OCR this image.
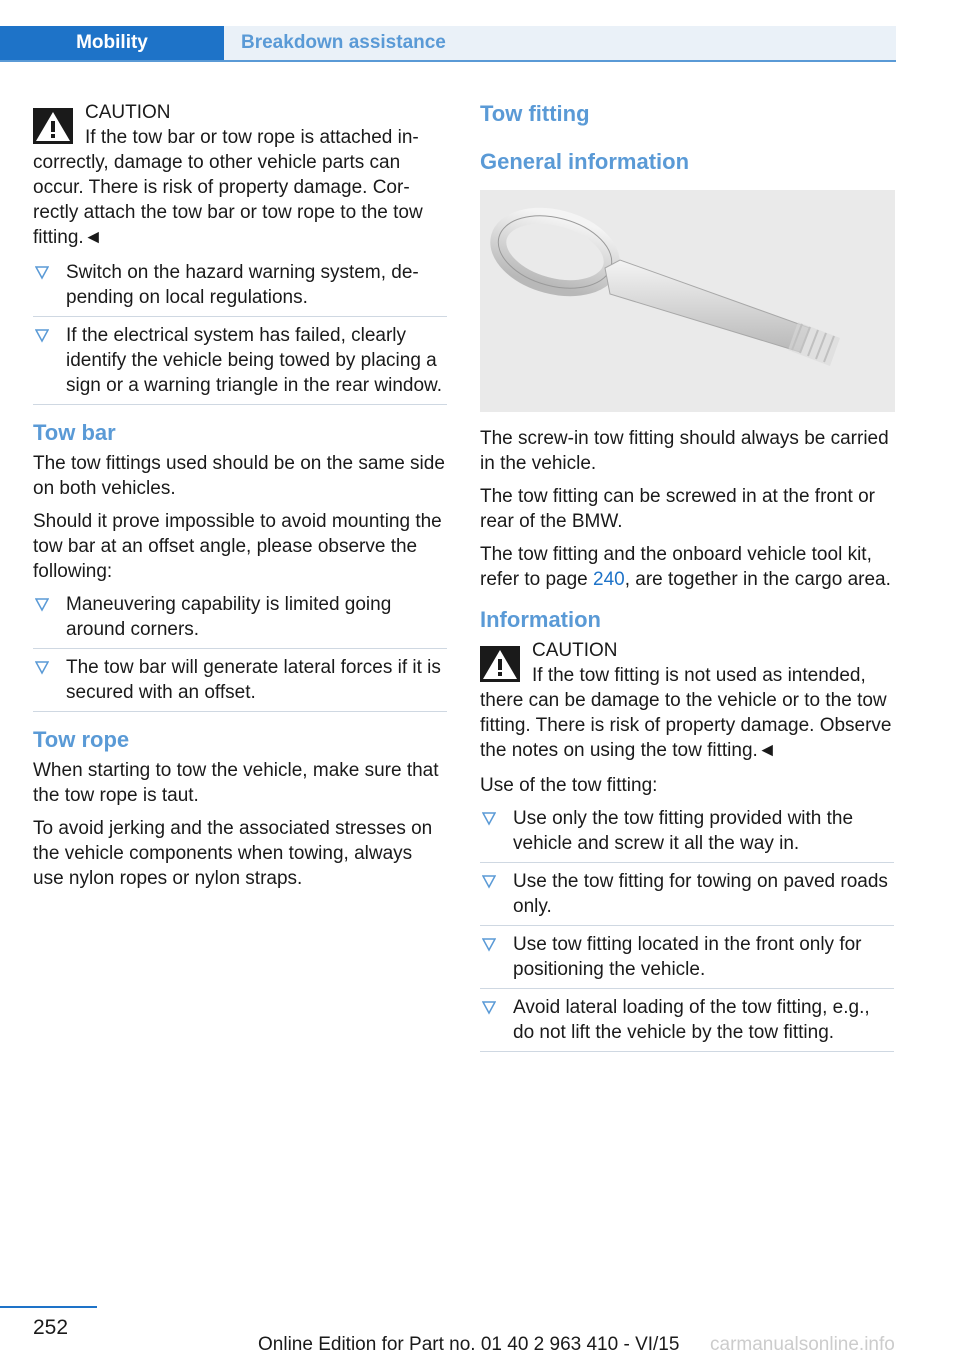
Mobility	Breakdown assistance
CAUTION
If the tow bar or tow rope is attached incorrectly, damage to other vehicle parts can occur. There is risk of property damage. Correctly attach the tow bar or tow rope to the tow fitting.◄
Switch on the hazard warning system, depending on local regulations.
If the electrical system has failed, clearly identify the vehicle being towed by placing a sign or a warning triangle in the rear window.
Tow bar

The tow fittings used should be on the same side on both vehicles.

Should it prove impossible to avoid mounting the tow bar at an offset angle, please observe the following:

Maneuvering capability is limited going around corners.
The tow bar will generate lateral forces if it is secured with an offset.
Tow rope

When starting to tow the vehicle, make sure that the tow rope is taut.

To avoid jerking and the associated stresses on the vehicle components when towing, always use nylon ropes or nylon straps.

Tow fitting
General information

The screw-in tow fitting should always be carried in the vehicle.

The tow fitting can be screwed in at the front or rear of the BMW.

The tow fitting and the onboard vehicle tool kit, refer to page 240, are together in the cargo area.

Information
CAUTION
If the tow fitting is not used as intended, there can be damage to the vehicle or to the tow fitting. There is risk of property damage. Observe the notes on using the tow fitting.◄

Use of the tow fitting:

Use only the tow fitting provided with the vehicle and screw it all the way in.
Use the tow fitting for towing on paved roads only.
Use tow fitting located in the front only for positioning the vehicle.
Avoid lateral loading of the tow fitting, e.g., do not lift the vehicle by the tow fitting.
252
Online Edition for Part no. 01 40 2 963 410 - VI/15 carmanualsonline.info
